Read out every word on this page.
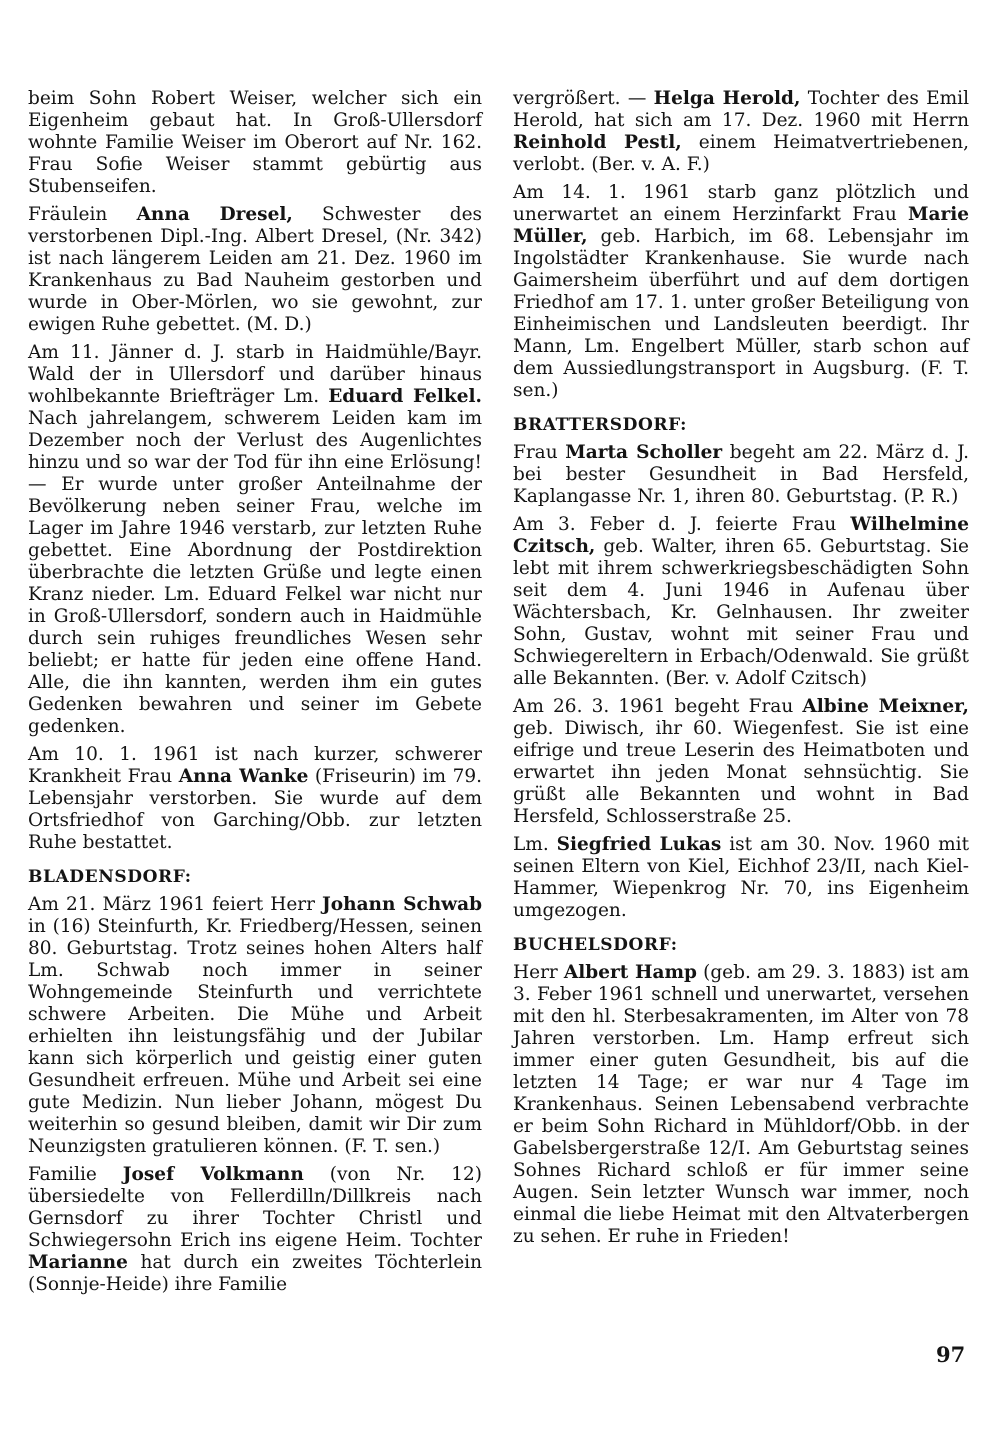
beim Sohn Robert Weiser, welcher sich ein Eigenheim gebaut hat. In Groß-Ullersdorf wohnte Familie Weiser im Oberort auf Nr. 162. Frau Sofie Weiser stammt gebürtig aus Stubenseifen.

Fräulein Anna Dresel, Schwester des verstorbenen Dipl.-Ing. Albert Dresel, (Nr. 342) ist nach längerem Leiden am 21. Dez. 1960 im Krankenhaus zu Bad Nauheim gestorben und wurde in Ober-Mörlen, wo sie gewohnt, zur ewigen Ruhe gebettet. (M. D.)

Am 11. Jänner d. J. starb in Haidmühle/Bayr. Wald der in Ullersdorf und darüber hinaus wohlbekannte Briefträger Lm. Eduard Felkel. Nach jahrelangem, schwerem Leiden kam im Dezember noch der Verlust des Augenlichtes hinzu und so war der Tod für ihn eine Erlösung! — Er wurde unter großer Anteilnahme der Bevölkerung neben seiner Frau, welche im Lager im Jahre 1946 verstarb, zur letzten Ruhe gebettet. Eine Abordnung der Postdirektion überbrachte die letzten Grüße und legte einen Kranz nieder. Lm. Eduard Felkel war nicht nur in Groß-Ullersdorf, sondern auch in Haidmühle durch sein ruhiges freundliches Wesen sehr beliebt; er hatte für jeden eine offene Hand. Alle, die ihn kannten, werden ihm ein gutes Gedenken bewahren und seiner im Gebete gedenken.

Am 10. 1. 1961 ist nach kurzer, schwerer Krankheit Frau Anna Wanke (Friseurin) im 79. Lebensjahr verstorben. Sie wurde auf dem Ortsfriedhof von Garching/Obb. zur letzten Ruhe bestattet.

BLADENSDORF:

Am 21. März 1961 feiert Herr Johann Schwab in (16) Steinfurth, Kr. Friedberg/Hessen, seinen 80. Geburtstag. Trotz seines hohen Alters half Lm. Schwab noch immer in seiner Wohngemeinde Steinfurth und verrichtete schwere Arbeiten. Die Mühe und Arbeit erhielten ihn leistungsfähig und der Jubilar kann sich körperlich und geistig einer guten Gesundheit erfreuen. Mühe und Arbeit sei eine gute Medizin. Nun lieber Johann, mögest Du weiterhin so gesund bleiben, damit wir Dir zum Neunzigsten gratulieren können. (F. T. sen.)

Familie Josef Volkmann (von Nr. 12) übersiedelte von Fellerdilln/Dillkreis nach Gernsdorf zu ihrer Tochter Christl und Schwiegersohn Erich ins eigene Heim. Tochter Marianne hat durch ein zweites Töchterlein (Sonnje-Heide) ihre Familie

vergrößert. — Helga Herold, Tochter des Emil Herold, hat sich am 17. Dez. 1960 mit Herrn Reinhold Pestl, einem Heimatvertriebenen, verlobt. (Ber. v. A. F.)

Am 14. 1. 1961 starb ganz plötzlich und unerwartet an einem Herzinfarkt Frau Marie Müller, geb. Harbich, im 68. Lebensjahr im Ingolstädter Krankenhause. Sie wurde nach Gaimersheim überführt und auf dem dortigen Friedhof am 17. 1. unter großer Beteiligung von Einheimischen und Landsleuten beerdigt. Ihr Mann, Lm. Engelbert Müller, starb schon auf dem Aussiedlungstransport in Augsburg. (F. T. sen.)

BRATTERSDORF:

Frau Marta Scholler begeht am 22. März d. J. bei bester Gesundheit in Bad Hersfeld, Kaplangasse Nr. 1, ihren 80. Geburtstag. (P. R.)

Am 3. Feber d. J. feierte Frau Wilhelmine Czitsch, geb. Walter, ihren 65. Geburtstag. Sie lebt mit ihrem schwerkriegsbeschädigten Sohn seit dem 4. Juni 1946 in Aufenau über Wächtersbach, Kr. Gelnhausen. Ihr zweiter Sohn, Gustav, wohnt mit seiner Frau und Schwiegereltern in Erbach/Odenwald. Sie grüßt alle Bekannten. (Ber. v. Adolf Czitsch)

Am 26. 3. 1961 begeht Frau Albine Meixner, geb. Diwisch, ihr 60. Wiegenfest. Sie ist eine eifrige und treue Leserin des Heimatboten und erwartet ihn jeden Monat sehnsüchtig. Sie grüßt alle Bekannten und wohnt in Bad Hersfeld, Schlosserstraße 25.

Lm. Siegfried Lukas ist am 30. Nov. 1960 mit seinen Eltern von Kiel, Eichhof 23/II, nach Kiel-Hammer, Wiepenkrog Nr. 70, ins Eigenheim umgezogen.

BUCHELSDORF:

Herr Albert Hamp (geb. am 29. 3. 1883) ist am 3. Feber 1961 schnell und unerwartet, versehen mit den hl. Sterbesakramenten, im Alter von 78 Jahren verstorben. Lm. Hamp erfreut sich immer einer guten Gesundheit, bis auf die letzten 14 Tage; er war nur 4 Tage im Krankenhaus. Seinen Lebensabend verbrachte er beim Sohn Richard in Mühldorf/Obb. in der Gabelsbergerstraße 12/I. Am Geburtstag seines Sohnes Richard schloß er für immer seine Augen. Sein letzter Wunsch war immer, noch einmal die liebe Heimat mit den Altvaterbergen zu sehen. Er ruhe in Frieden!

97
